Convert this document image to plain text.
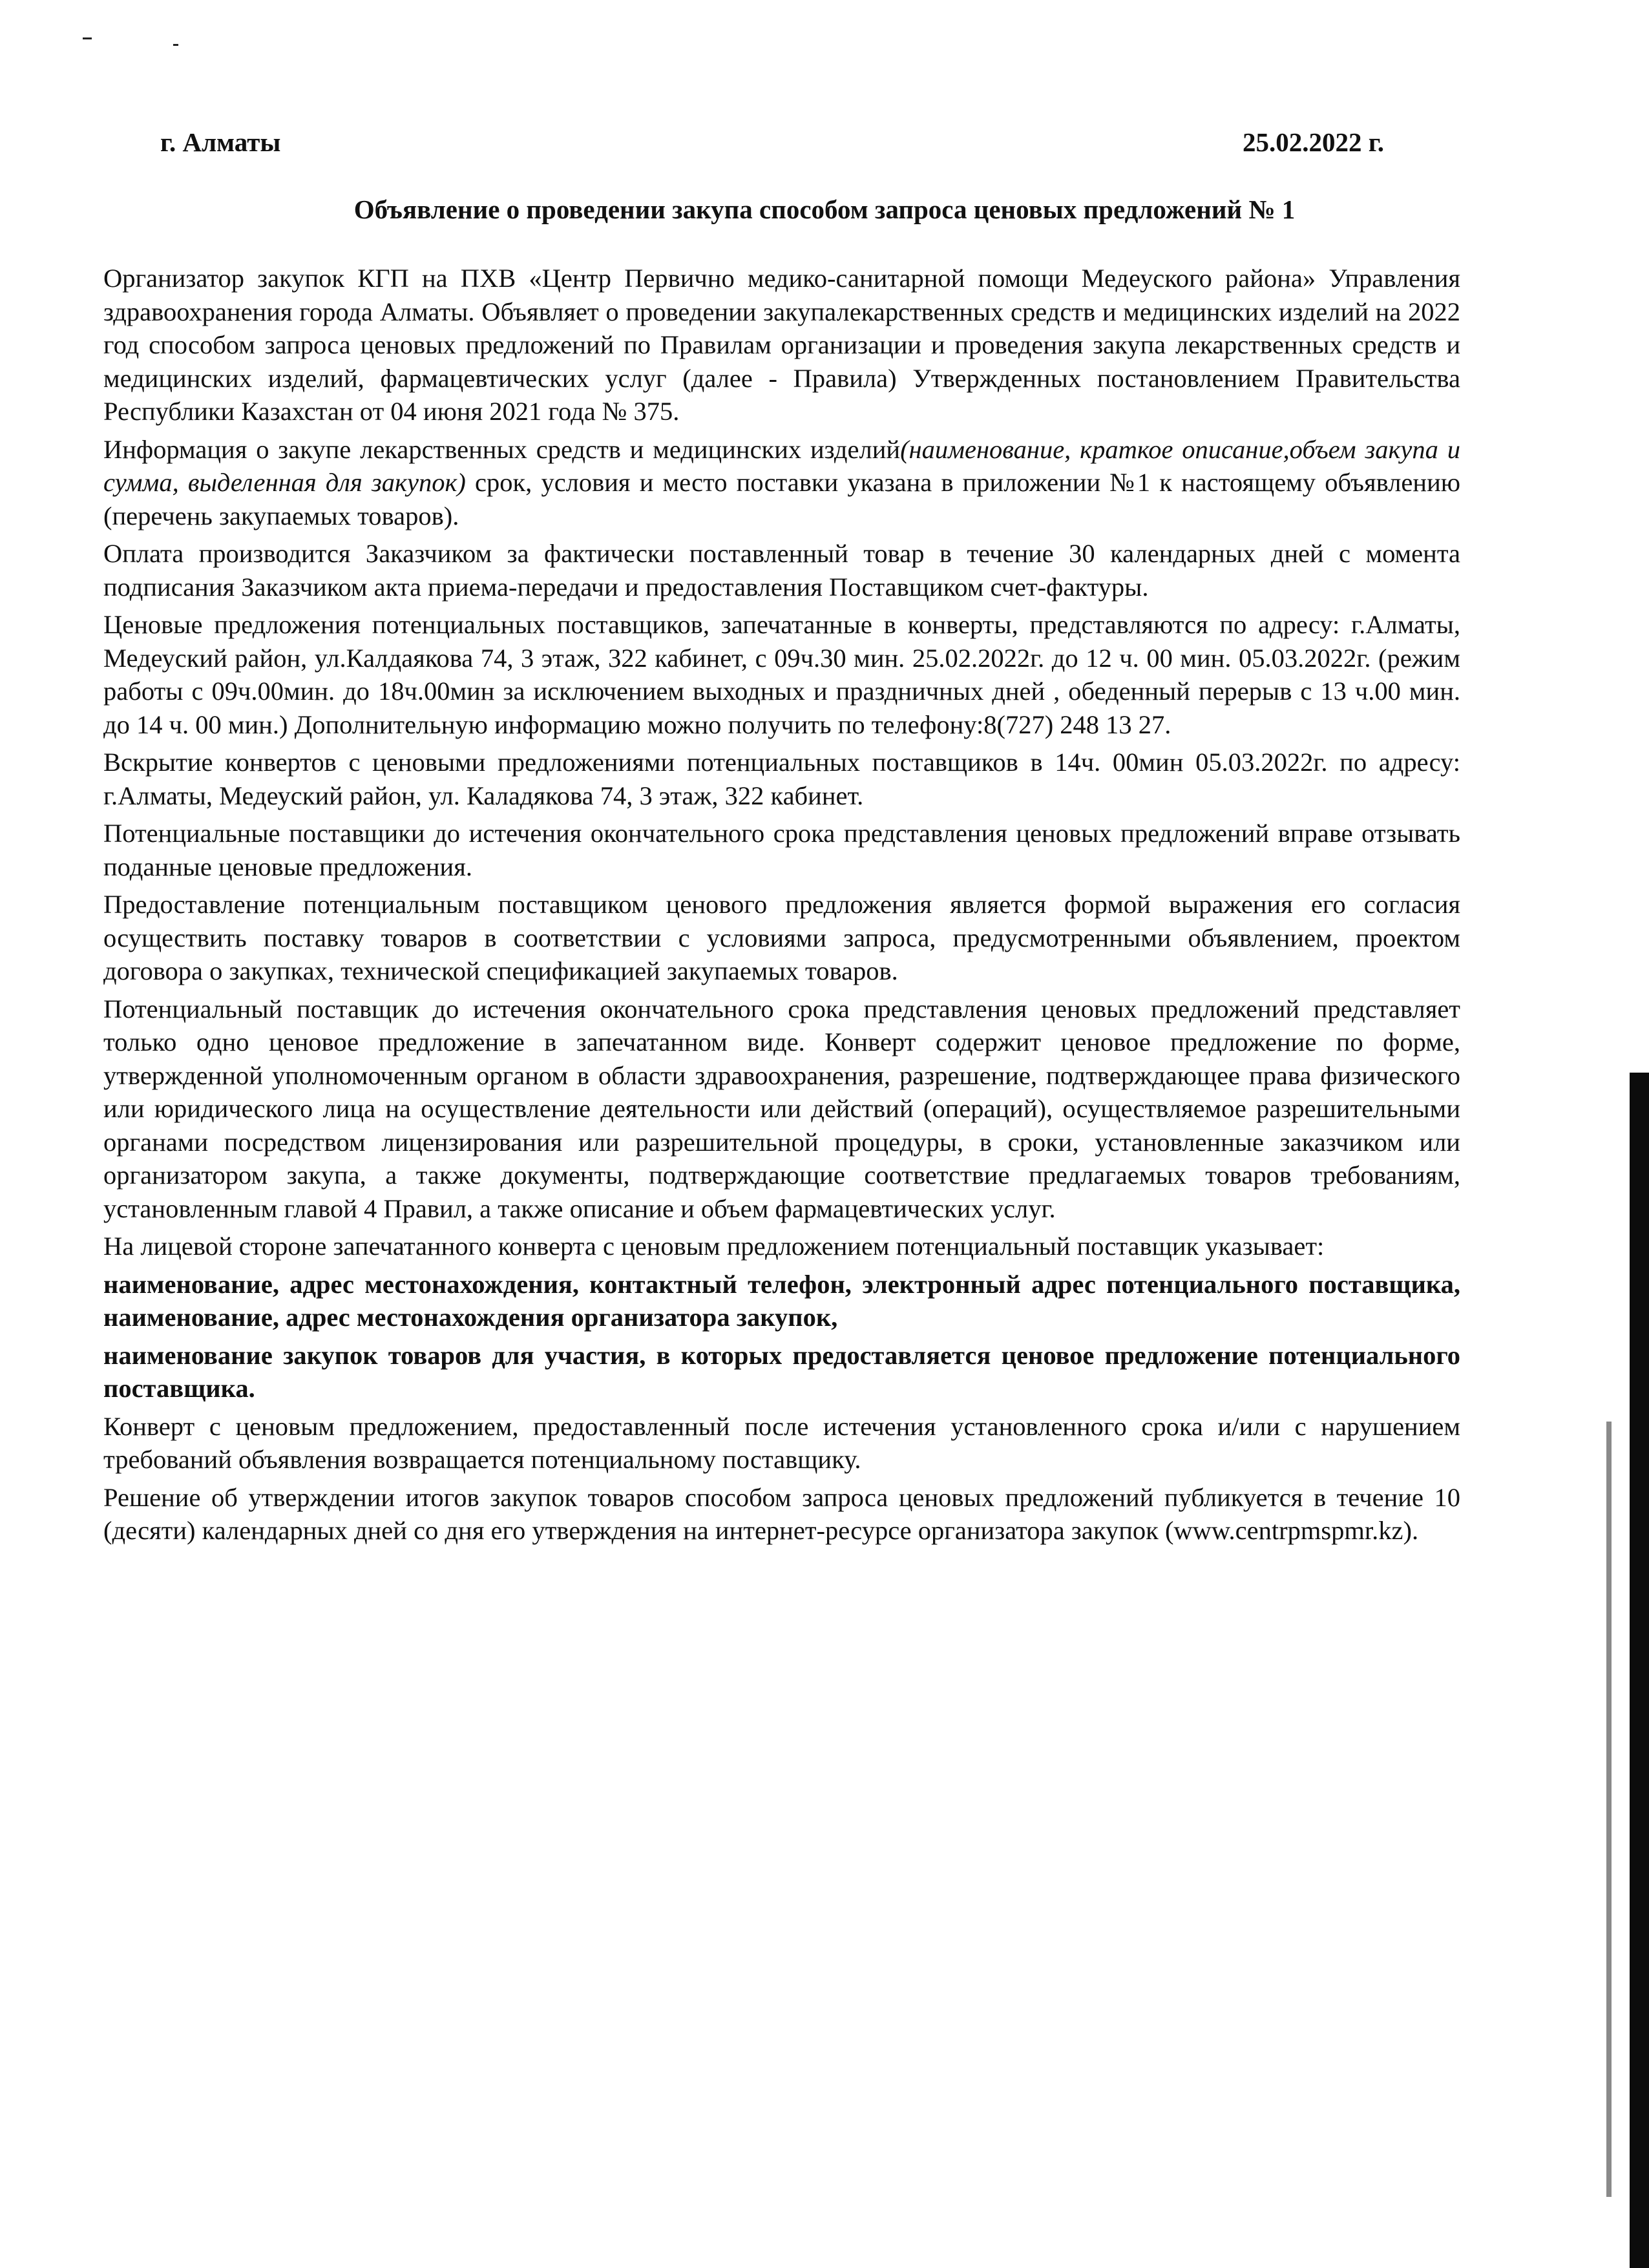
г. Алматы	25.02.2022 г.
Объявление о проведении закупа способом запроса ценовых предложений № 1

Организатор закупок КГП на ПХВ «Центр Первично медико-санитарной помощи Медеуского района» Управления здравоохранения города Алматы. Объявляет о проведении закупалекарственных средств и медицинских изделий на 2022 год способом запроса ценовых предложений по Правилам организации и проведения закупа лекарственных средств и медицинских изделий, фармацевтических услуг (далее - Правила) Утвержденных постановлением Правительства Республики Казахстан от 04 июня 2021 года № 375.

Информация о закупе лекарственных средств и медицинских изделий(наименование, краткое описание,объем закупа и сумма, выделенная для закупок) срок, условия и место поставки указана в приложении №1 к настоящему объявлению (перечень закупаемых товаров).

Оплата производится Заказчиком за фактически поставленный товар в течение 30 календарных дней с момента подписания Заказчиком акта приема-передачи и предоставления Поставщиком счет-фактуры.

Ценовые предложения потенциальных поставщиков, запечатанные в конверты, представляются по адресу: г.Алматы, Медеуский район, ул.Калдаякова 74, 3 этаж, 322 кабинет, с 09ч.30 мин. 25.02.2022г. до 12 ч. 00 мин. 05.03.2022г. (режим работы с 09ч.00мин. до 18ч.00мин за исключением выходных и праздничных дней , обеденный перерыв с 13 ч.00 мин. до 14 ч. 00 мин.) Дополнительную информацию можно получить по телефону:8(727) 248 13 27.

Вскрытие конвертов с ценовыми предложениями потенциальных поставщиков в 14ч. 00мин 05.03.2022г. по адресу: г.Алматы, Медеуский район, ул. Каладякова 74, 3 этаж, 322 кабинет.

Потенциальные поставщики до истечения окончательного срока представления ценовых предложений вправе отзывать поданные ценовые предложения.

Предоставление потенциальным поставщиком ценового предложения является формой выражения его согласия осуществить поставку товаров в соответствии с условиями запроса, предусмотренными объявлением, проектом договора о закупках, технической спецификацией закупаемых товаров.

Потенциальный поставщик до истечения окончательного срока представления ценовых предложений представляет только одно ценовое предложение в запечатанном виде. Конверт содержит ценовое предложение по форме, утвержденной уполномоченным органом в области здравоохранения, разрешение, подтверждающее права физического или юридического лица на осуществление деятельности или действий (операций), осуществляемое разрешительными органами посредством лицензирования или разрешительной процедуры, в сроки, установленные заказчиком или организатором закупа, а также документы, подтверждающие соответствие предлагаемых товаров требованиям, установленным главой 4 Правил, а также описание и объем фармацевтических услуг.

На лицевой стороне запечатанного конверта с ценовым предложением потенциальный поставщик указывает:

наименование, адрес местонахождения, контактный телефон, электронный адрес потенциального поставщика, наименование, адрес местонахождения организатора закупок,

наименование закупок товаров для участия, в которых предоставляется ценовое предложение потенциального поставщика.

Конверт с ценовым предложением, предоставленный после истечения установленного срока и/или с нарушением требований объявления возвращается потенциальному поставщику.

Решение об утверждении итогов закупок товаров способом запроса ценовых предложений публикуется в течение 10 (десяти) календарных дней со дня его утверждения на интернет-ресурсе организатора закупок (www.centrpmspmr.kz).
